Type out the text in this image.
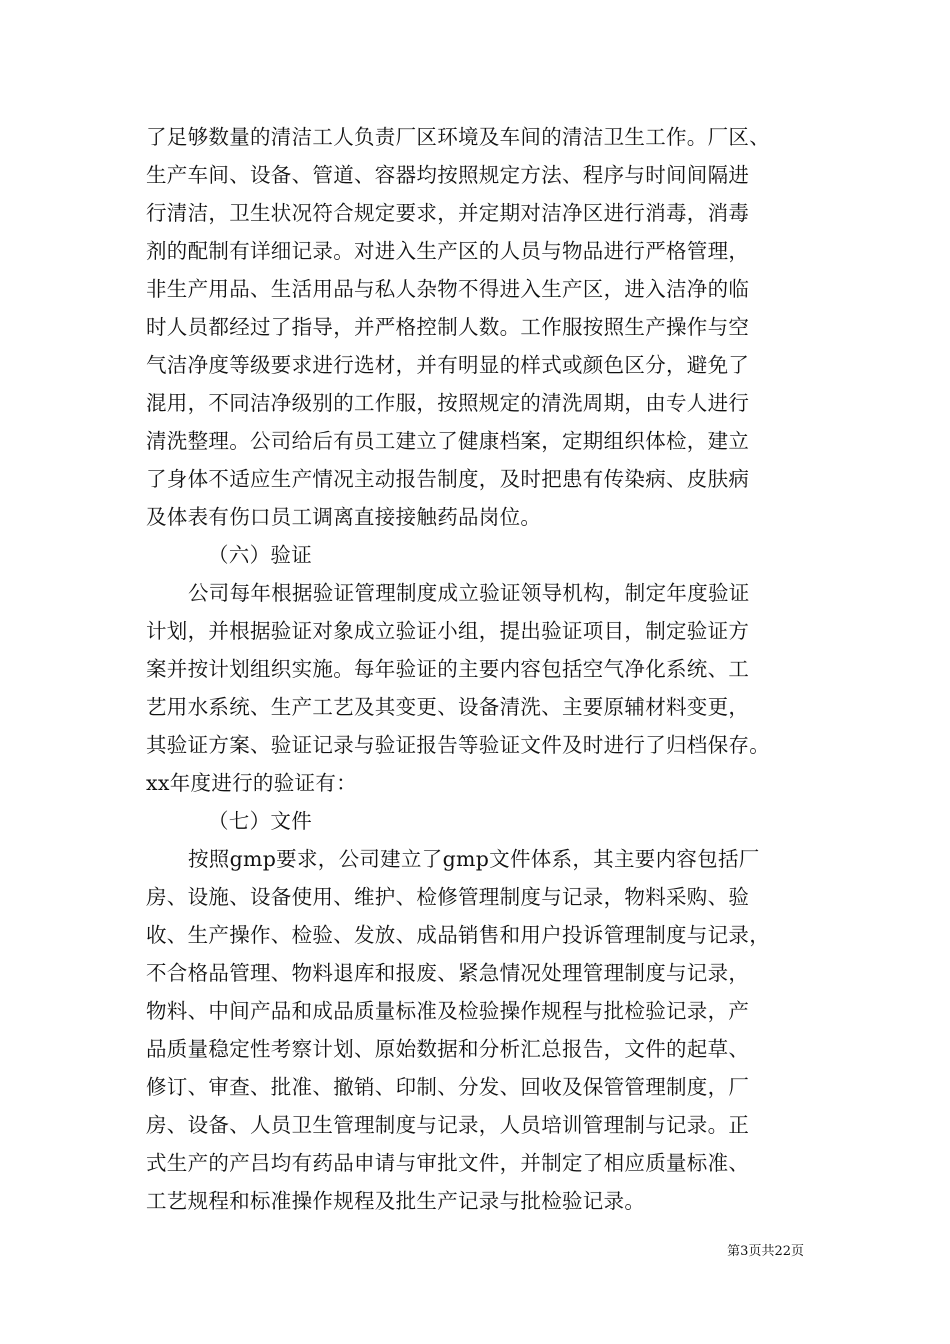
了足够数量的清洁工人负责厂区环境及车间的清洁卫生工作。厂区、
生产车间、设备、管道、容器均按照规定方法、程序与时间间隔进
行清洁，卫生状况符合规定要求，并定期对洁净区进行消毒，消毒
剂的配制有详细记录。对进入生产区的人员与物品进行严格管理，
非生产用品、生活用品与私人杂物不得进入生产区，进入洁净的临
时人员都经过了指导，并严格控制人数。工作服按照生产操作与空
气洁净度等级要求进行选材，并有明显的样式或颜色区分，避免了
混用，不同洁净级别的工作服，按照规定的清洗周期，由专人进行
清洗整理。公司给后有员工建立了健康档案，定期组织体检，建立
了身体不适应生产情况主动报告制度，及时把患有传染病、皮肤病
及体表有伤口员工调离直接接触药品岗位。
（六）验证
公司每年根据验证管理制度成立验证领导机构，制定年度验证
计划，并根据验证对象成立验证小组，提出验证项目，制定验证方
案并按计划组织实施。每年验证的主要内容包括空气净化系统、工
艺用水系统、生产工艺及其变更、设备清洗、主要原辅材料变更，
其验证方案、验证记录与验证报告等验证文件及时进行了归档保存。
xx年度进行的验证有：
（七）文件
按照gmp要求，公司建立了gmp文件体系，其主要内容包括厂
房、设施、设备使用、维护、检修管理制度与记录，物料采购、验
收、生产操作、检验、发放、成品销售和用户投诉管理制度与记录，
不合格品管理、物料退库和报废、紧急情况处理管理制度与记录，
物料、中间产品和成品质量标准及检验操作规程与批检验记录，产
品质量稳定性考察计划、原始数据和分析汇总报告，文件的起草、
修订、审查、批准、撤销、印制、分发、回收及保管管理制度，厂
房、设备、人员卫生管理制度与记录，人员培训管理制与记录。正
式生产的产吕均有药品申请与审批文件，并制定了相应质量标准、
工艺规程和标准操作规程及批生产记录与批检验记录。
第3页共22页
